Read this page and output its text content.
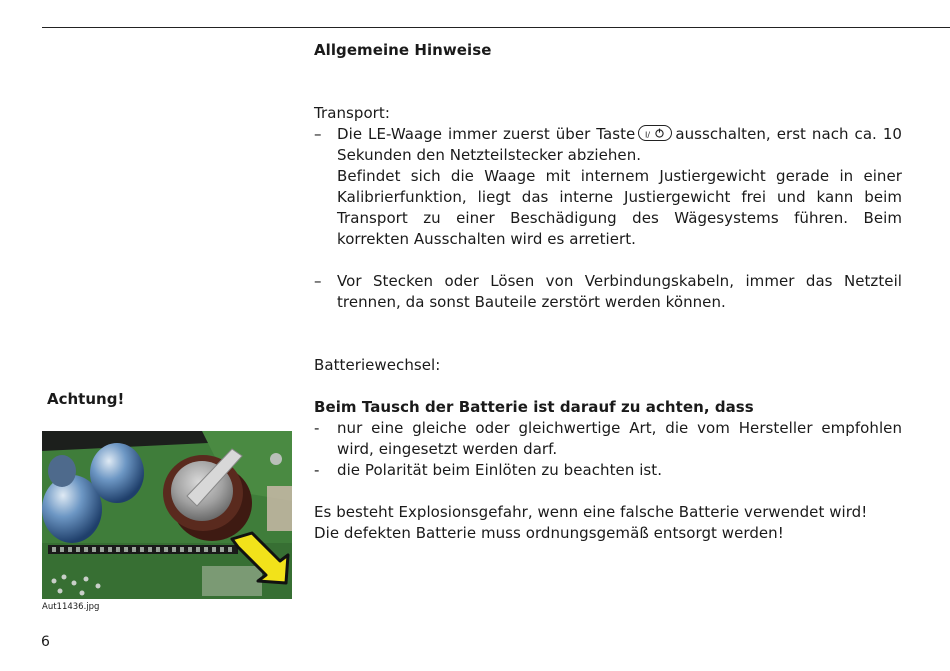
Allgemeine Hinweise

Transport:

– Die LE-Waage immer zuerst über Taste I/ ausschalten, erst nach ca. 10 Sekunden den Netzteilstecker abziehen.

Befindet sich die Waage mit internem Justiergewicht gerade in einer Kalibrierfunktion, liegt das interne Justiergewicht frei und kann beim Transport zu einer Beschädigung des Wägesystems führen. Beim korrekten Ausschalten wird es arretiert.

– Vor Stecken oder Lösen von Verbindungskabeln, immer das Netzteil trennen, da sonst Bauteile zerstört werden können.

Batteriewechsel:

Beim Tausch der Batterie ist darauf zu achten, dass

- nur eine gleiche oder gleichwertige Art, die vom Hersteller empfohlen wird, eingesetzt werden darf.

- die Polarität beim Einlöten zu beachten ist.

Es besteht Explosionsgefahr, wenn eine falsche Batterie verwendet wird!

Die defekten Batterie muss ordnungsgemäß entsorgt werden!

Achtung!
Aut11436.jpg
6
